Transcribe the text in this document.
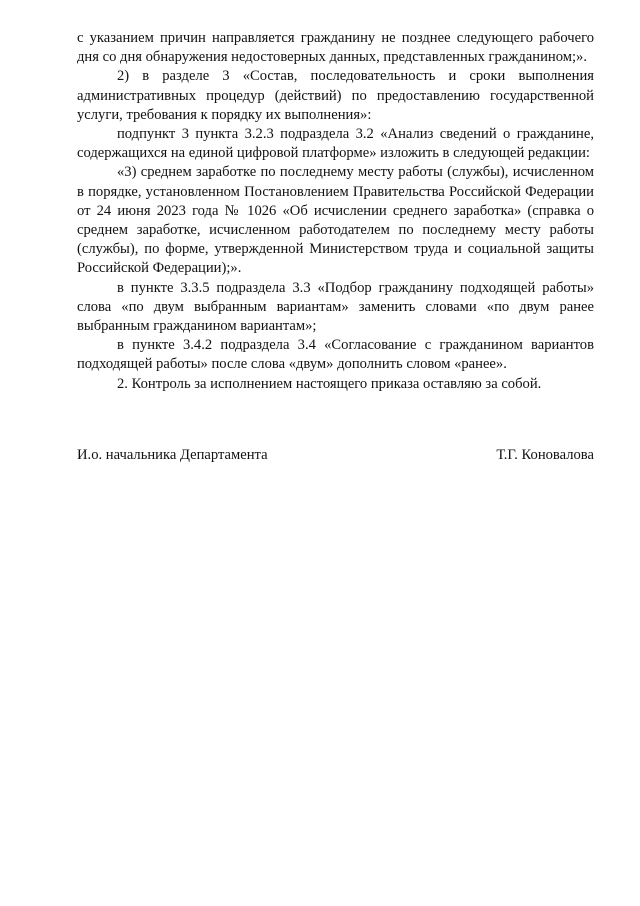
с указанием причин направляется гражданину не позднее следующего рабочего дня со дня обнаружения недостоверных данных, представленных гражданином;».

2) в разделе 3 «Состав, последовательность и сроки выполнения административных процедур (действий) по предоставлению государственной услуги, требования к порядку их выполнения»:

подпункт 3 пункта 3.2.3 подраздела 3.2 «Анализ сведений о гражданине, содержащихся на единой цифровой платформе» изложить в следующей редакции:

«3) среднем заработке по последнему месту работы (службы), исчисленном в порядке, установленном Постановлением Правительства Российской Федерации от 24 июня 2023 года № 1026 «Об исчислении среднего заработка» (справка о среднем заработке, исчисленном работодателем по последнему месту работы (службы), по форме, утвержденной Министерством труда и социальной защиты Российской Федерации);».

в пункте 3.3.5 подраздела 3.3 «Подбор гражданину подходящей работы» слова «по двум выбранным вариантам» заменить словами «по двум ранее выбранным гражданином вариантам»;

в пункте 3.4.2 подраздела 3.4 «Согласование с гражданином вариантов подходящей работы» после слова «двум» дополнить словом «ранее».

2. Контроль за исполнением настоящего приказа оставляю за собой.

И.о. начальника Департамента	Т.Г. Коновалова
